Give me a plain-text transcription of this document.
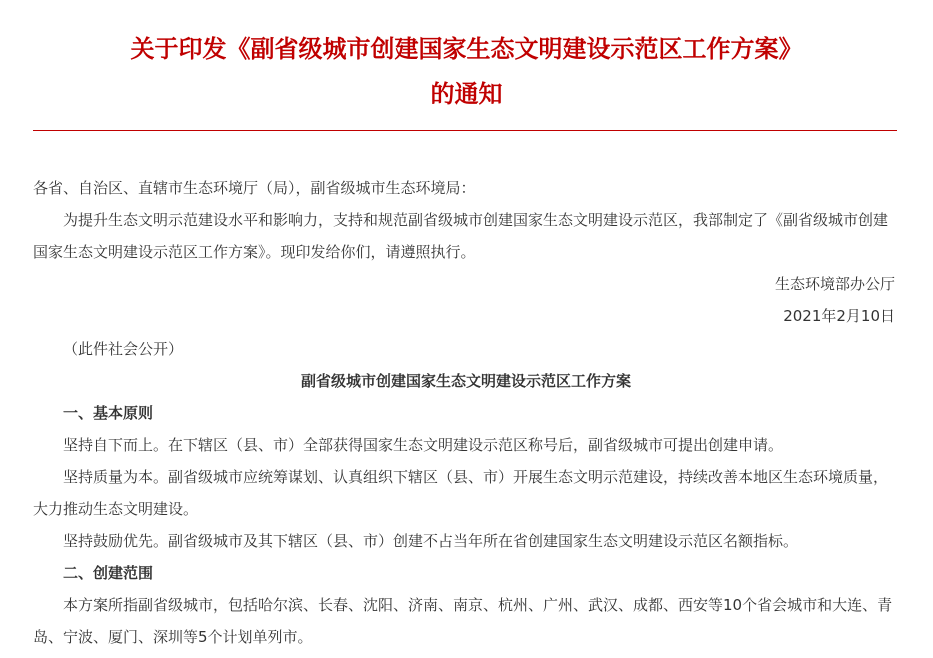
关于印发《副省级城市创建国家生态文明建设示范区工作方案》
的通知

各省、自治区、直辖市生态环境厅（局），副省级城市生态环境局：

为提升生态文明示范建设水平和影响力，支持和规范副省级城市创建国家生态文明建设示范区，我部制定了《副省级城市创建国家生态文明建设示范区工作方案》。现印发给你们，请遵照执行。

生态环境部办公厅

2021年2月10日

（此件社会公开）

副省级城市创建国家生态文明建设示范区工作方案

一、基本原则

坚持自下而上。在下辖区（县、市）全部获得国家生态文明建设示范区称号后，副省级城市可提出创建申请。

坚持质量为本。副省级城市应统筹谋划、认真组织下辖区（县、市）开展生态文明示范建设，持续改善本地区生态环境质量，大力推动生态文明建设。

坚持鼓励优先。副省级城市及其下辖区（县、市）创建不占当年所在省创建国家生态文明建设示范区名额指标。

二、创建范围

本方案所指副省级城市，包括哈尔滨、长春、沈阳、济南、南京、杭州、广州、武汉、成都、西安等10个省会城市和大连、青岛、宁波、厦门、深圳等5个计划单列市。
